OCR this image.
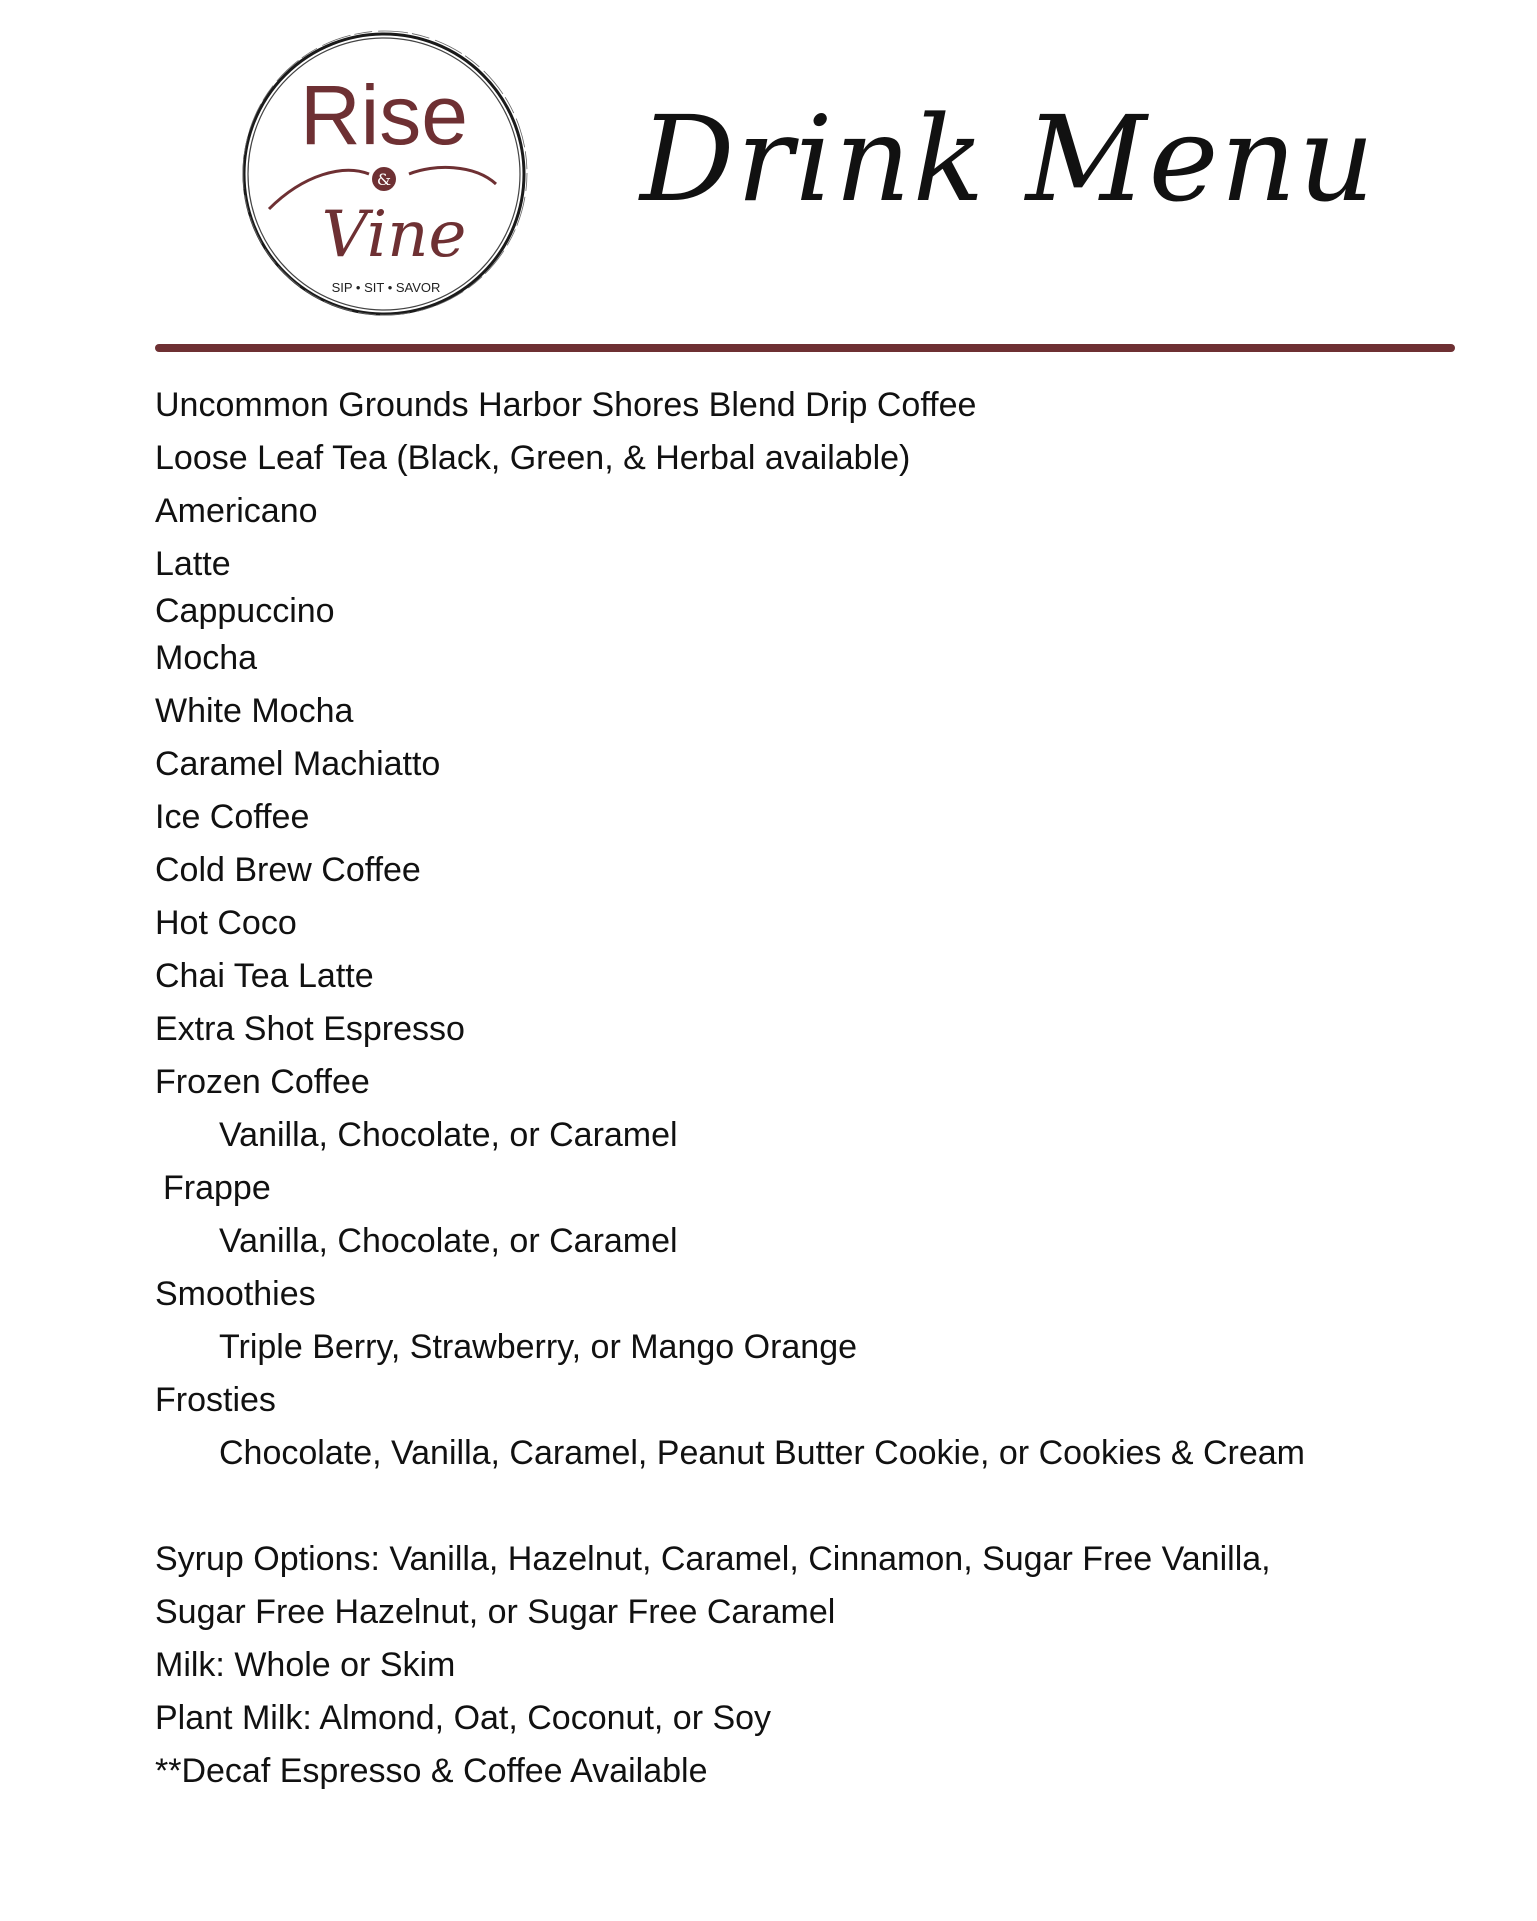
Rise
&
Vine
SIP • SIT • SAVOR
Drink Menu
Uncommon Grounds Harbor Shores Blend Drip Coffee
Loose Leaf Tea (Black, Green, & Herbal available)
Americano
Latte
Cappuccino
Mocha
White Mocha
Caramel Machiatto
Ice Coffee
Cold Brew Coffee
Hot Coco
Chai Tea Latte
Extra Shot Espresso
Frozen Coffee
Vanilla, Chocolate, or Caramel
Frappe
Vanilla, Chocolate, or Caramel
Smoothies
Triple Berry, Strawberry, or Mango Orange
Frosties
Chocolate, Vanilla, Caramel, Peanut Butter Cookie, or Cookies & Cream
Syrup Options: Vanilla, Hazelnut, Caramel, Cinnamon, Sugar Free Vanilla,
Sugar Free Hazelnut, or Sugar Free Caramel
Milk: Whole or Skim
Plant Milk: Almond, Oat, Coconut, or Soy
**Decaf Espresso & Coffee Available
